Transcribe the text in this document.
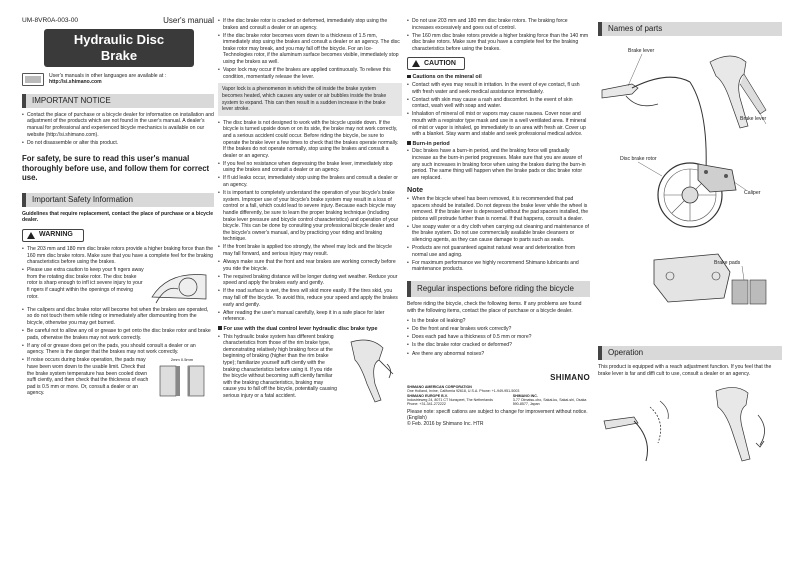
UM-8VR0A-003-00	User's manual
Hydraulic Disc
Brake
User's manuals in other languages are available at :
http://si.shimano.com
IMPORTANT NOTICE
• Contact the place of purchase or a bicycle dealer for information on installation and adjustment of the products which are not found in the user's manual. A dealer's manual for professional and experienced bicycle mechanics is available on our website (http://si.shimano.com).
• Do not disassemble or alter this product.
For safety, be sure to read this user's manual thoroughly before use, and follow them for correct use.
Important Safety Information
Guidelines that require replacement, contact the place of purchase or a bicycle dealer.
WARNING
• The 203 mm and 180 mm disc brake rotors provide a higher braking force than the 160 mm disc brake rotors. Make sure that you have a complete feel for the braking characteristics before using the brakes.
• Please use extra caution to keep your fi ngers away from the rotating disc brake rotor. The disc brake rotor is sharp enough to infl ict severe injury to your fi ngers if caught within the openings of moving rotor.
• The calipers and disc brake rotor will become hot when the brakes are operated, so do not touch them while riding or immediately after dismounting from the bicycle, otherwise you may get burned.
• Be careful not to allow any oil or grease to get onto the disc brake rotor and brake pads, otherwise the brakes may not work correctly.
• If any oil or grease does get on the pads, you should consult a dealer or an agency. There is the danger that the brakes may not work correctly.
• If noise occurs during brake operation, the pads may have been worn down to the usable limit. Check that the brake system temperature has been cooled down suffi ciently, and then check that the thickness of each pad is 0.5 mm or more. Or, consult a dealer or an agency.
2mm 0.5mm
• If the disc brake rotor is cracked or deformed, immediately stop using the brakes and consult a dealer or an agency.
• If the disc brake rotor becomes worn down to a thickness of 1.5 mm, immediately stop using the brakes and consult a dealer or an agency. The disc brake rotor may break, and you may fall off the bicycle. For an Ice-Technologies rotor, if the aluminum surface becomes visible, immediately stop using the brakes as well.
• Vapor lock may occur if the brakes are applied continuously. To relieve this condition, momentarily release the lever.
Vapor lock is a phenomenon in which the oil inside the brake system becomes heated, which causes any water or air bubbles inside the brake system to expand. This can then result in a sudden increase in the brake lever stroke.
• The disc brake is not designed to work with the bicycle upside down. If the bicycle is turned upside down or on its side, the brake may not work correctly, and a serious accident could occur. Before riding the bicycle, be sure to operate the brake lever a few times to check that the brakes operate normally. If the brakes do not operate normally, stop using the brakes and consult a dealer or an agency.
• If you feel no resistance when depressing the brake lever, immediately stop using the brakes and consult a dealer or an agency.
• If fl uid leaks occur, immediately stop using the brakes and consult a dealer or an agency.
• It is important to completely understand the operation of your bicycle's brake system. Improper use of your bicycle's brake system may result in a loss of control or a fall, which could lead to severe injury. Because each bicycle may handle differently, be sure to learn the proper braking technique (including brake lever pressure and bicycle control characteristics) and operation of your bicycle. This can be done by consulting your professional bicycle dealer and the bicycle's owner's manual, and by practicing your riding and braking technique.
• If the front brake is applied too strongly, the wheel may lock and the bicycle may fall forward, and serious injury may result.
• Always make sure that the front and rear brakes are working correctly before you ride the bicycle.
• The required braking distance will be longer during wet weather. Reduce your speed and apply the brakes early and gently.
• If the road surface is wet, the tires will skid more easily. If the tires skid, you may fall off the bicycle. To avoid this, reduce your speed and apply the brakes early and gently.
• After reading the user's manual carefully, keep it in a safe place for later reference.
For use with the dual control lever hydraulic disc brake type
• This hydraulic brake system has different braking characteristics from those of the rim brake type, demonstrating relatively high braking force at the beginning of braking (higher than the rim brake type); familiarize yourself suffi ciently with the braking characteristics before using it. If you ride the bicycle without becoming suffi ciently familiar with the braking characteristics, braking may cause you to fall off the bicycle, potentially causing serious injury or a fatal accident.
• Do not use 203 mm and 180 mm disc brake rotors. The braking force increases excessively and goes out of control.
• The 160 mm disc brake rotors provide a higher braking force than the 140 mm disc brake rotors. Make sure that you have a complete feel for the braking characteristics before using the brakes.
CAUTION
Cautions on the mineral oil
• Contact with eyes may result in irritation. In the event of eye contact, fl ush with fresh water and seek medical assistance immediately.
• Contact with skin may cause a rash and discomfort. In the event of skin contact, wash well with soap and water.
• Inhalation of mineral oil mist or vapors may cause nausea. Cover nose and mouth with a respirator type mask and use in a well ventilated area. If mineral oil mist or vapor is inhaled, go immediately to an area with fresh air. Cover up with a blanket. Stay warm and stable and seek professional medical advice.
Burn-in period
• Disc brakes have a burn-in period, and the braking force will gradually increase as the burn-in period progresses. Make sure that you are aware of any such increases in braking force when using the brakes during the burn-in period. The same thing will happen when the brake pads or disc brake rotor are replaced.
Note
• When the bicycle wheel has been removed, it is recommended that pad spacers should be installed. Do not depress the brake lever while the wheel is removed. If the brake lever is depressed without the pad spacers installed, the pistons will protrude further than is normal. If that happens, consult a dealer.
• Use soapy water or a dry cloth when carrying out cleaning and maintenance of the brake system. Do not use commercially available brake cleansers or silencing agents, as they can cause damage to parts such as seals.
• Products are not guaranteed against natural wear and deterioration from normal use and aging.
• For maximum performance we highly recommend Shimano lubricants and maintenance products.
Regular inspections before riding the bicycle
Before riding the bicycle, check the following items. If any problems are found with the following items, contact the place of purchase or a bicycle dealer.
• Is the brake oil leaking?
• Do the front and rear brakes work correctly?
• Does each pad have a thickness of 0.5 mm or more?
• Is the disc brake rotor cracked or deformed?
• Are there any abnormal noises?
SHIMANO
SHIMANO AMERICAN CORPORATION
One Holland, Irvine, California 92618, U.S.A. Phone: +1-949-951-5003
SHIMANO EUROPE B.V.
Industrieweg 24, 8071 CT Nunspeet, The Netherlands Phone: +31-341-272222
SHIMANO INC.
3-77 Oimatsu-cho, Sakai-ku, Sakai-shi, Osaka 590-8577, Japan
Please note: specifi cations are subject to change for improvement without notice. (English)
© Feb. 2016 by Shimano Inc. HTR
Names of parts
Brake lever
Brake lever
Disc brake rotor
Caliper
Brake pads
Operation
This product is equipped with a reach adjustment function. If you feel that the brake lever is far and diffi cult to use, consult a dealer or an agency.
